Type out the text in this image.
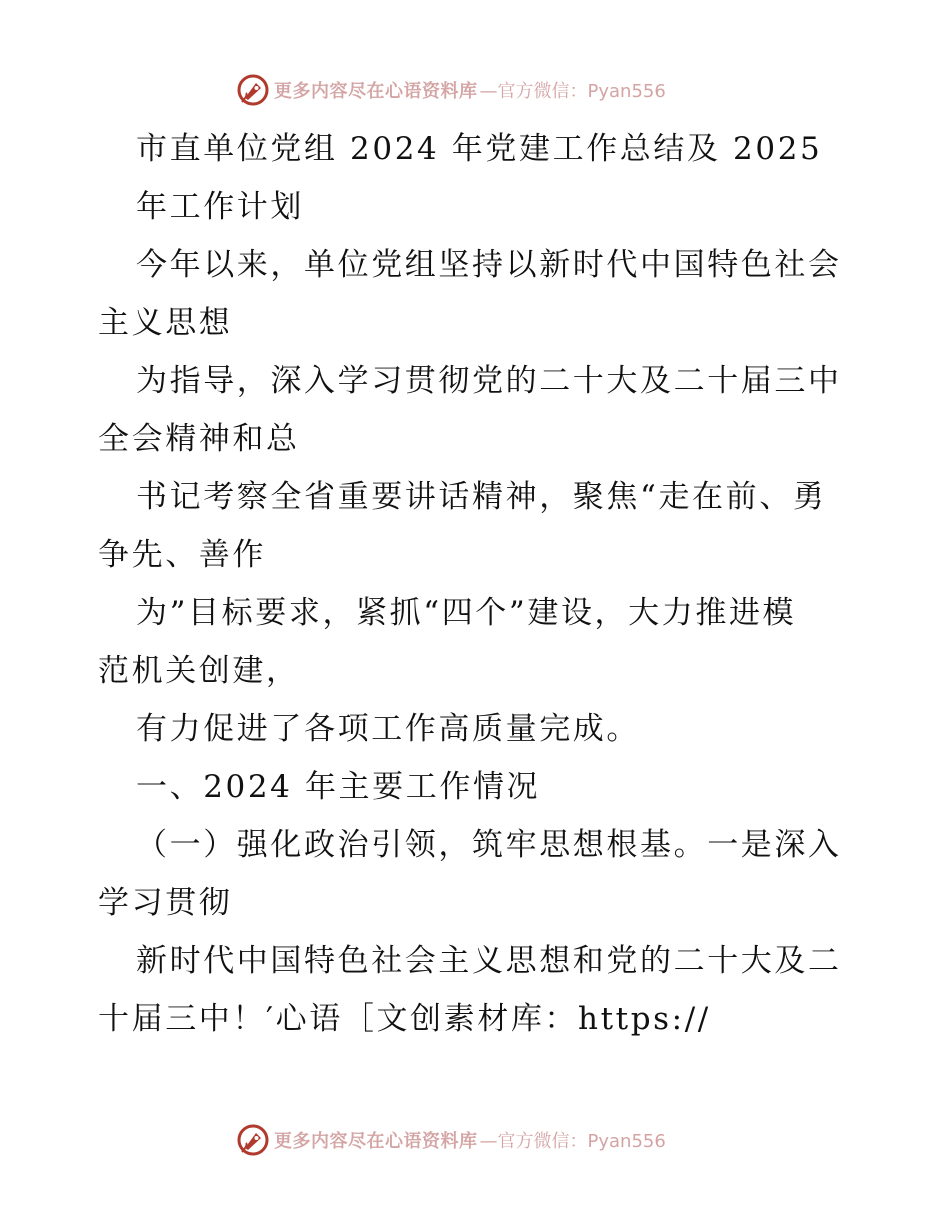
更多内容尽在心语资料库 —官方微信：Pyan556
市直单位党组 2024 年党建工作总结及 2025
年工作计划
今年以来，单位党组坚持以新时代中国特色社会
主义思想
为指导，深入学习贯彻党的二十大及二十届三中
全会精神和总
书记考察全省重要讲话精神，聚焦“走在前、勇
争先、善作
为”目标要求，紧抓“四个”建设，大力推进模
范机关创建，
有力促进了各项工作高质量完成。
一、2024 年主要工作情况
（一）强化政治引领，筑牢思想根基。一是深入
学习贯彻
新时代中国特色社会主义思想和党的二十大及二
十届三中！′心语［文创素材库：https://
更多内容尽在心语资料库 —官方微信：Pyan556
